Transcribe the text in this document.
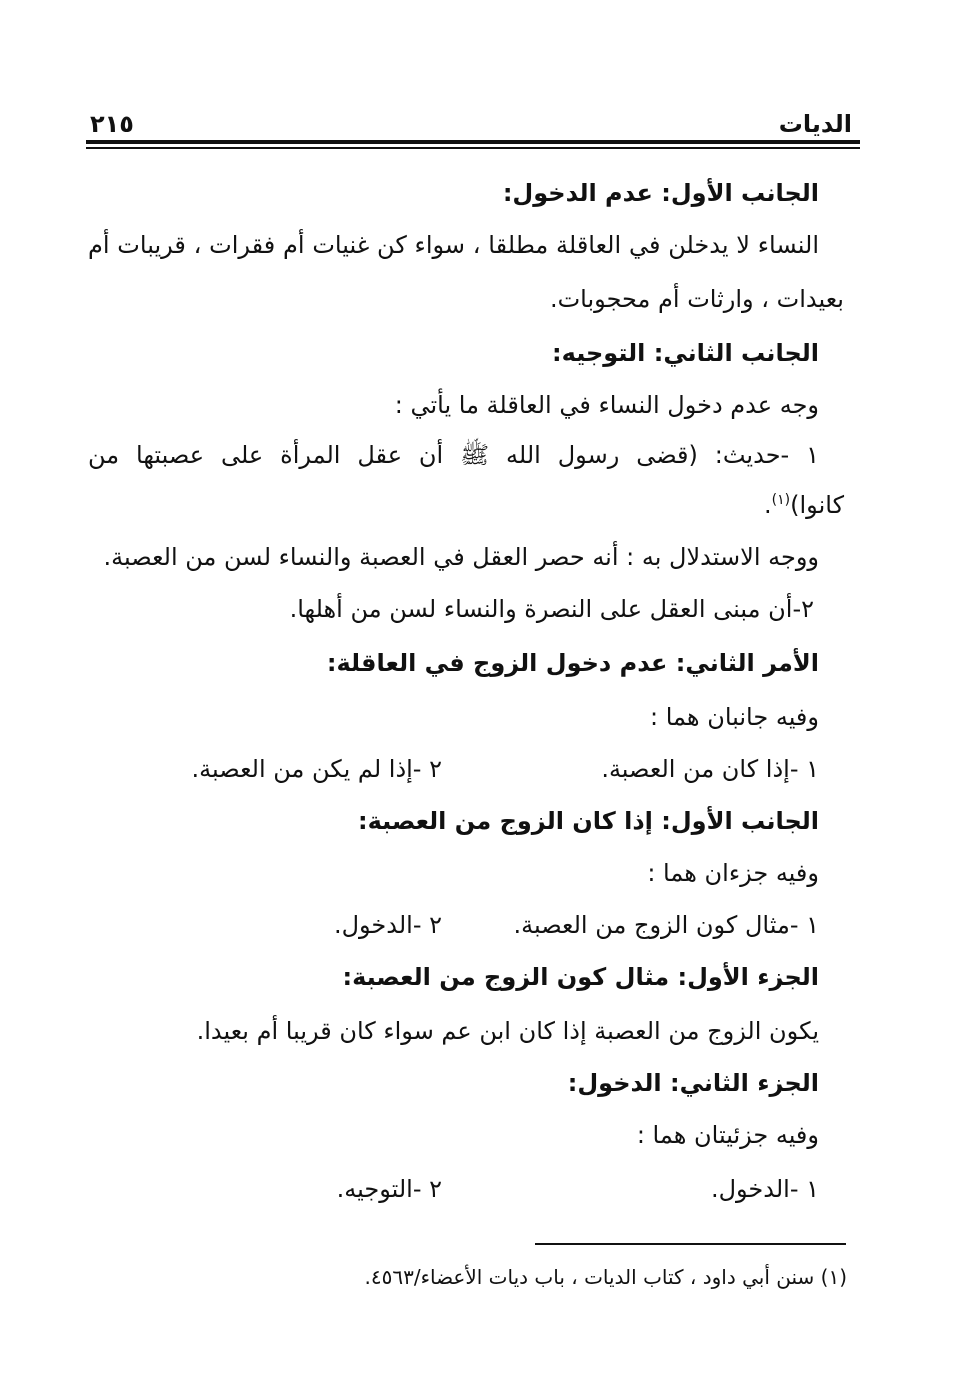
الديات
٢١٥
الجانب الأول: عدم الدخول:
النساء لا يدخلن في العاقلة مطلقا ، سواء كن غنيات أم فقرات ، قريبات أم
بعيدات ، وارثات أم محجوبات.
الجانب الثاني: التوجيه:
وجه عدم دخول النساء في العاقلة ما يأتي :
١ -حديث: (قضى رسول الله ﷺ أن عقل المرأة على عصبتها من
كانوا)$^{(١)}$.
ووجه الاستدلال به : أنه حصر العقل في العصبة والنساء لسن من العصبة.
٢-أن مبنى العقل على النصرة والنساء لسن من أهلها.
الأمر الثاني: عدم دخول الزوج في العاقلة:
وفيه جانبان هما :
١ -إذا كان من العصبة.
٢ -إذا لم يكن من العصبة.
الجانب الأول: إذا كان الزوج من العصبة:
وفيه جزءان هما :
١ -مثال كون الزوج من العصبة.
٢ -الدخول.
الجزء الأول: مثال كون الزوج من العصبة:
يكون الزوج من العصبة إذا كان ابن عم سواء كان قريبا أم بعيدا.
الجزء الثاني: الدخول:
وفيه جزئيتان هما :
١ -الدخول.
٢ -التوجيه.
(١) سنن أبي داود ، كتاب الديات ، باب ديات الأعضاء/٤٥٦٣.
